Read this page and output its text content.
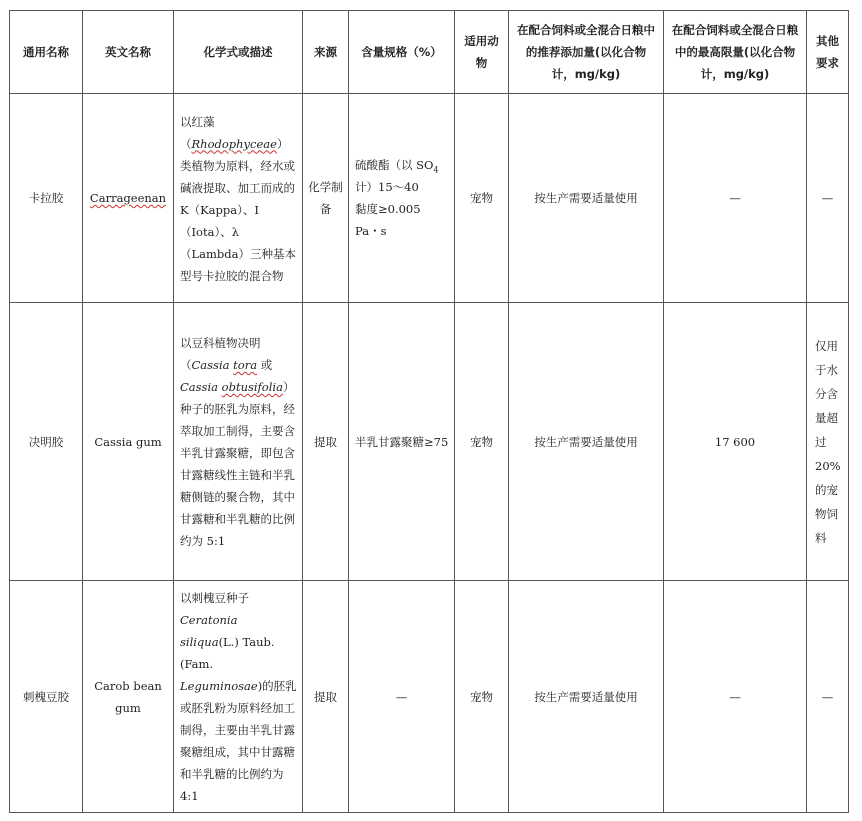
通用名称	英文名称	化学式或描述	来源	含量规格（%）	适用动物	在配合饲料或全混合日粮中的推荐添加量(以化合物计，mg/kg)	在配合饲料或全混合日粮中的最高限量(以化合物计，mg/kg)	其他要求
卡拉胶	Carrageenan	以红藻
（Rhodophyceae）类植物为原料，经水或碱液提取、加工而成的 K（Kappa）、I（Iota）、λ（Lambda）三种基本型号卡拉胶的混合物	化学制备	硫酸酯（以 $SO_4$
计）15～40
黏度≥0.005
Pa・s	宠物	按生产需要适量使用	—	—
决明胶	Cassia gum	以豆科植物决明
（Cassia tora 或
Cassia obtusifolia）种子的胚乳为原料，经萃取加工制得，主要含半乳甘露聚糖，即包含甘露糖线性主链和半乳糖侧链的聚合物，其中甘露糖和半乳糖的比例约为 5:1	提取	半乳甘露聚糖≥75	宠物	按生产需要适量使用	17 600	仅用于水分含量超过 20% 的宠物饲料
刺槐豆胶	Carob bean gum	以刺槐豆种子
Ceratonia siliqua(L.) Taub.(Fam.
Leguminosae)的胚乳或胚乳粉为原料经加工制得，主要由半乳甘露聚糖组成，其中甘露糖和半乳糖的比例约为 4:1	提取	—	宠物	按生产需要适量使用	—	—
